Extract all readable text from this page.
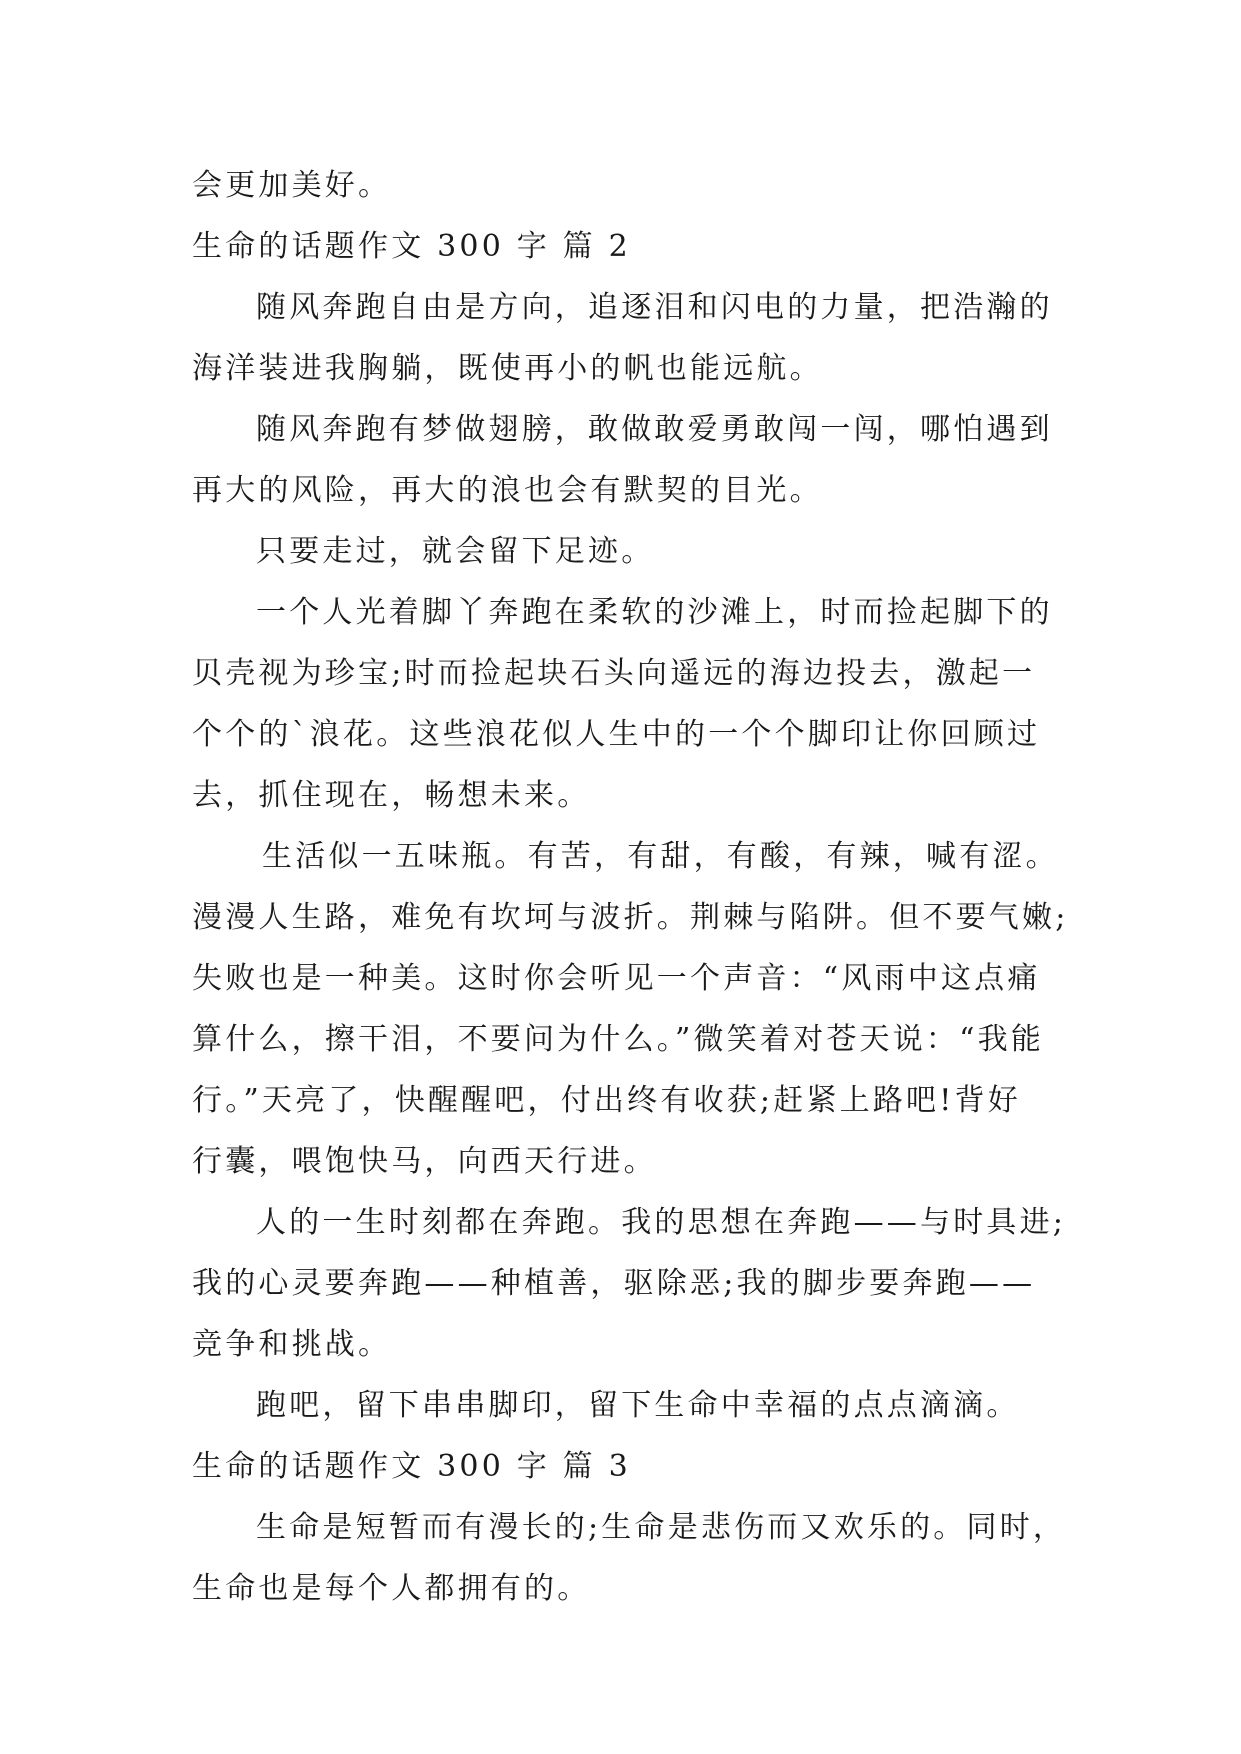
会更加美好。
生命的话题作文 300 字 篇 2
随风奔跑自由是方向，追逐泪和闪电的力量，把浩瀚的
海洋装进我胸躺，既使再小的帆也能远航。
随风奔跑有梦做翅膀，敢做敢爱勇敢闯一闯，哪怕遇到
再大的风险，再大的浪也会有默契的目光。
只要走过，就会留下足迹。
一个人光着脚丫奔跑在柔软的沙滩上，时而捡起脚下的
贝壳视为珍宝;时而捡起块石头向遥远的海边投去，激起一
个个的`浪花。这些浪花似人生中的一个个脚印让你回顾过
去，抓住现在，畅想未来。
生活似一五味瓶。有苦，有甜，有酸，有辣，喊有涩。
漫漫人生路，难免有坎坷与波折。荆棘与陷阱。但不要气嫩;
失败也是一种美。这时你会听见一个声音：“风雨中这点痛
算什么，擦干泪，不要问为什么。”微笑着对苍天说：“我能
行。”天亮了，快醒醒吧，付出终有收获;赶紧上路吧!背好
行囊，喂饱快马，向西天行进。
人的一生时刻都在奔跑。我的思想在奔跑——与时具进;
我的心灵要奔跑——种植善，驱除恶;我的脚步要奔跑——
竞争和挑战。
跑吧，留下串串脚印，留下生命中幸福的点点滴滴。
生命的话题作文 300 字 篇 3
生命是短暂而有漫长的;生命是悲伤而又欢乐的。同时，
生命也是每个人都拥有的。
